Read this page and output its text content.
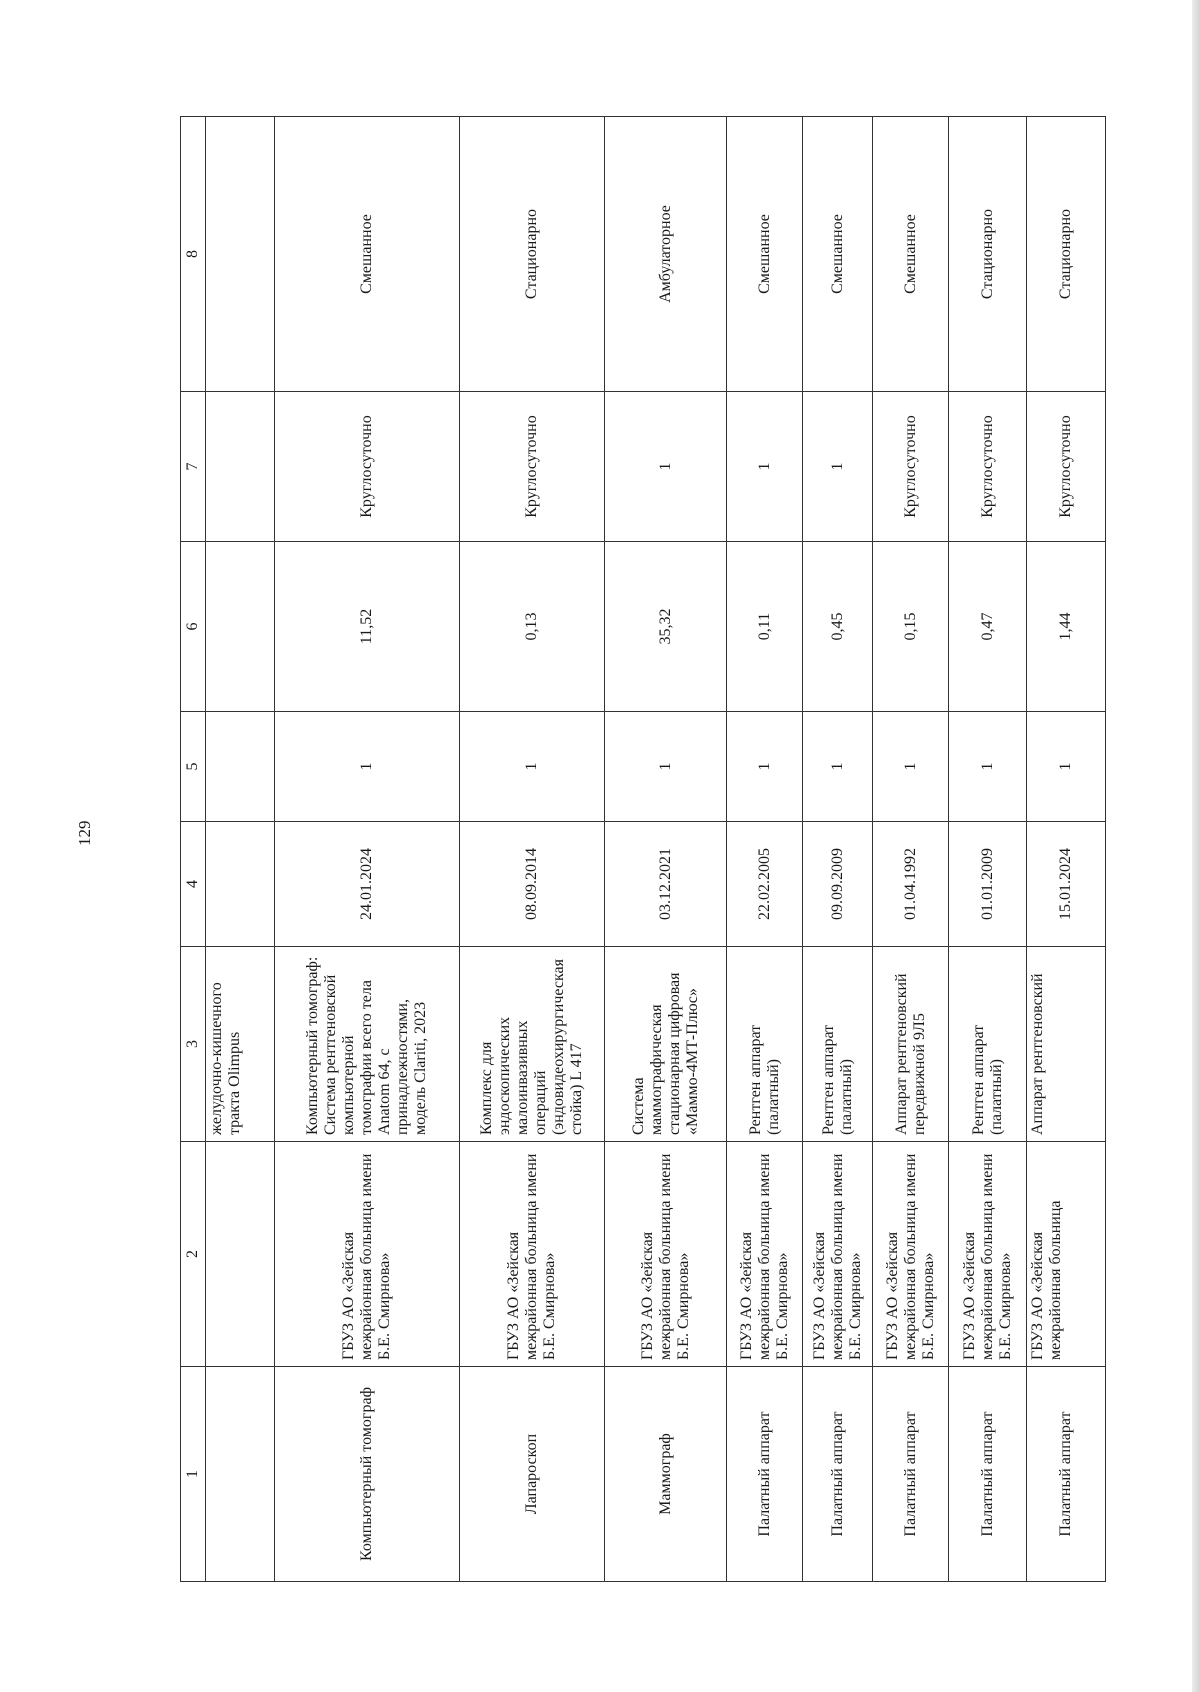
129
1	2	3	4	5	6	7	8
		желудочно-кишечного тракта Olimpus					
Компьютерный томограф	ГБУЗ АО «Зейская межрайонная больница имени Б.Е. Смирнова»	Компьютерный томограф: Система рентгеновской компьютерной томографии всего тела Anatom 64, с принадлежностями, модель Clariti, 2023	24.01.2024	1	11,52	Круглосуточно	Смешанное
Лапароскоп	ГБУЗ АО «Зейская межрайонная больница имени Б.Е. Смирнова»	Комплекс для эндоскопических малоинвазивных операций (эндовидеохирургическая стойка) L 417	08.09.2014	1	0,13	Круглосуточно	Стационарно
Маммограф	ГБУЗ АО «Зейская межрайонная больница имени Б.Е. Смирнова»	Система маммографическая стационарная цифровая «Маммо-4МТ-Плюс»	03.12.2021	1	35,32	1	Амбулаторное
Палатный аппарат	ГБУЗ АО «Зейская межрайонная больница имени Б.Е. Смирнова»	Рентген аппарат (палатный)	22.02.2005	1	0,11	1	Смешанное
Палатный аппарат	ГБУЗ АО «Зейская межрайонная больница имени Б.Е. Смирнова»	Рентген аппарат (палатный)	09.09.2009	1	0,45	1	Смешанное
Палатный аппарат	ГБУЗ АО «Зейская межрайонная больница имени Б.Е. Смирнова»	Аппарат рентгеновский передвижной 9Л5	01.04.1992	1	0,15	Круглосуточно	Смешанное
Палатный аппарат	ГБУЗ АО «Зейская межрайонная больница имени Б.Е. Смирнова»	Рентген аппарат (палатный)	01.01.2009	1	0,47	Круглосуточно	Стационарно
Палатный аппарат	ГБУЗ АО «Зейская межрайонная больница	Аппарат рентгеновский	15.01.2024	1	1,44	Круглосуточно	Стационарно
